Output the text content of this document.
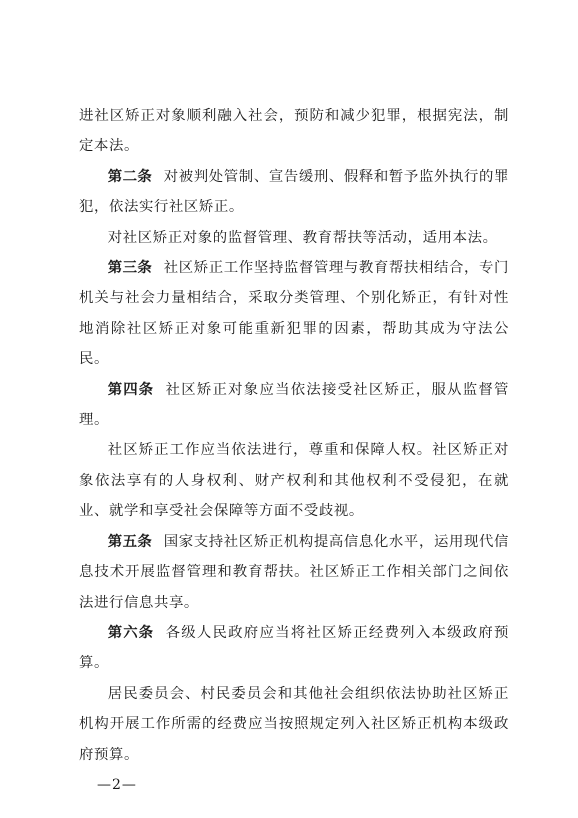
进社区矫正对象顺利融入社会，预防和减少犯罪，根据宪法，制定本法。

第二条 对被判处管制、宣告缓刑、假释和暂予监外执行的罪犯，依法实行社区矫正。

对社区矫正对象的监督管理、教育帮扶等活动，适用本法。

第三条 社区矫正工作坚持监督管理与教育帮扶相结合，专门机关与社会力量相结合，采取分类管理、个别化矫正，有针对性地消除社区矫正对象可能重新犯罪的因素，帮助其成为守法公民。

第四条 社区矫正对象应当依法接受社区矫正，服从监督管理。

社区矫正工作应当依法进行，尊重和保障人权。社区矫正对象依法享有的人身权利、财产权利和其他权利不受侵犯，在就业、就学和享受社会保障等方面不受歧视。

第五条 国家支持社区矫正机构提高信息化水平，运用现代信息技术开展监督管理和教育帮扶。社区矫正工作相关部门之间依法进行信息共享。

第六条 各级人民政府应当将社区矫正经费列入本级政府预算。

居民委员会、村民委员会和其他社会组织依法协助社区矫正机构开展工作所需的经费应当按照规定列入社区矫正机构本级政府预算。

—2—
